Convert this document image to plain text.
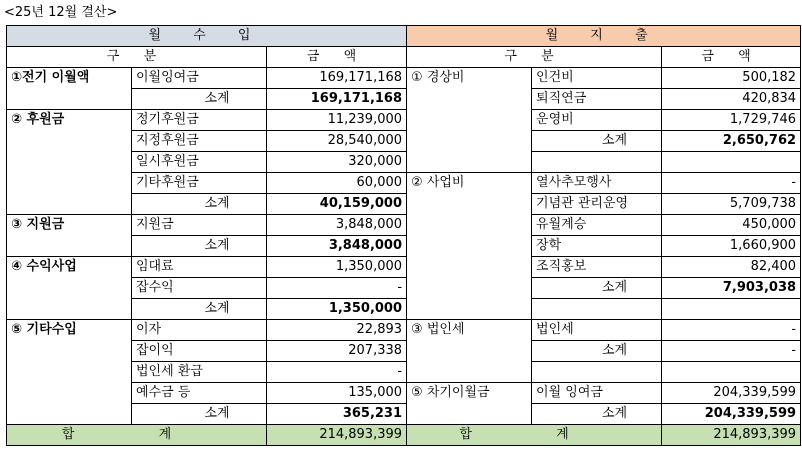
<25년 12월 결산>
월 수 입			월 지 출		
구 분		금 액	구 분		금 액
①전기 이월액	이월잉여금	169,171,168	① 경상비	인건비	500,182
	소계	169,171,168		퇴직연금	420,834
② 후원금	정기후원금	11,239,000		운영비	1,729,746
	지정후원금	28,540,000		소계	2,650,762
	일시후원금	320,000			
	기타후원금	60,000	② 사업비	열사추모행사	-
	소계	40,159,000		기념관 관리운영	5,709,738
③ 지원금	지원금	3,848,000		유월계승	450,000
	소계	3,848,000		장학	1,660,900
④ 수익사업	임대료	1,350,000		조직홍보	82,400
	잡수익	-		소계	7,903,038
	소계	1,350,000			
⑤ 기타수입	이자	22,893	③ 법인세	법인세	-
	잡이익	207,338		소계	-
	법인세 환급	-			
	예수금 등	135,000	⑤ 차기이월금	이월 잉여금	204,339,599
	소계	365,231		소계	204,339,599
합 계		214,893,399	합 계		214,893,399
